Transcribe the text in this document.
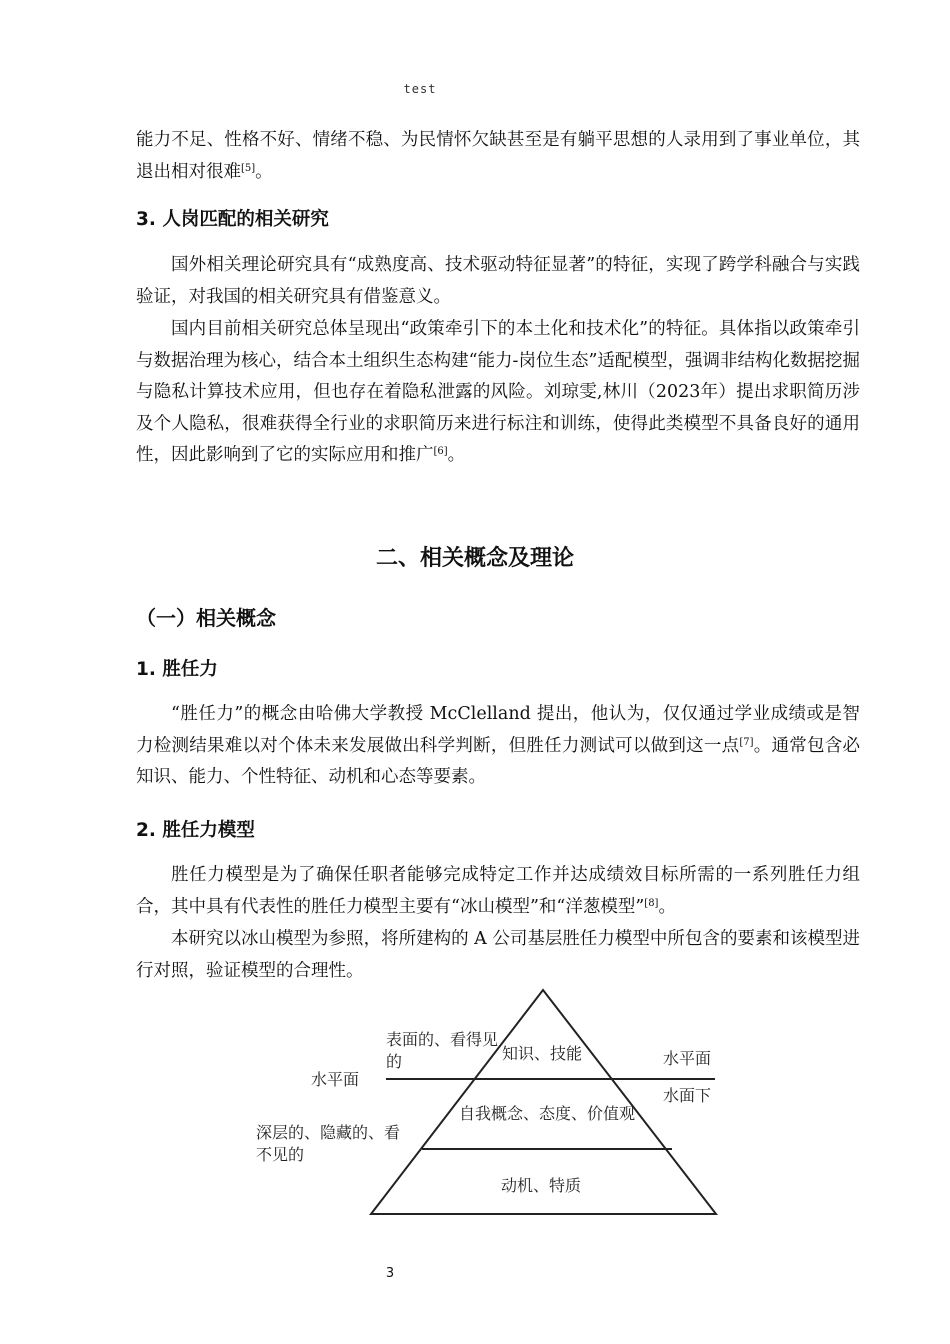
test

能力不足、性格不好、情绪不稳、为民情怀欠缺甚至是有躺平思想的人录用到了事业单位，其退出相对很难[5]。

3. 人岗匹配的相关研究

国外相关理论研究具有“成熟度高、技术驱动特征显著”的特征，实现了跨学科融合与实践验证，对我国的相关研究具有借鉴意义。

国内目前相关研究总体呈现出“政策牵引下的本土化和技术化”的特征。具体指以政策牵引与数据治理为核心，结合本土组织生态构建“能力-岗位生态”适配模型，强调非结构化数据挖掘与隐私计算技术应用，但也存在着隐私泄露的风险。刘琼雯,林川（2023年）提出求职简历涉及个人隐私，很难获得全行业的求职简历来进行标注和训练，使得此类模型不具备良好的通用性，因此影响到了它的实际应用和推广[6]。

二、相关概念及理论
（一）相关概念
1. 胜任力

“胜任力”的概念由哈佛大学教授 McClelland 提出，他认为，仅仅通过学业成绩或是智力检测结果难以对个体未来发展做出科学判断，但胜任力测试可以做到这一点[7]。通常包含必知识、能力、个性特征、动机和心态等要素。

2. 胜任力模型

胜任力模型是为了确保任职者能够完成特定工作并达成绩效目标所需的一系列胜任力组合，其中具有代表性的胜任力模型主要有“冰山模型”和“洋葱模型”[8]。

本研究以冰山模型为参照，将所建构的 A 公司基层胜任力模型中所包含的要素和该模型进行对照，验证模型的合理性。

表面的、看得见的
水平面
深层的、隐藏的、看不见的
水平面
水面下
知识、技能
自我概念、态度、价值观
动机、特质
3
